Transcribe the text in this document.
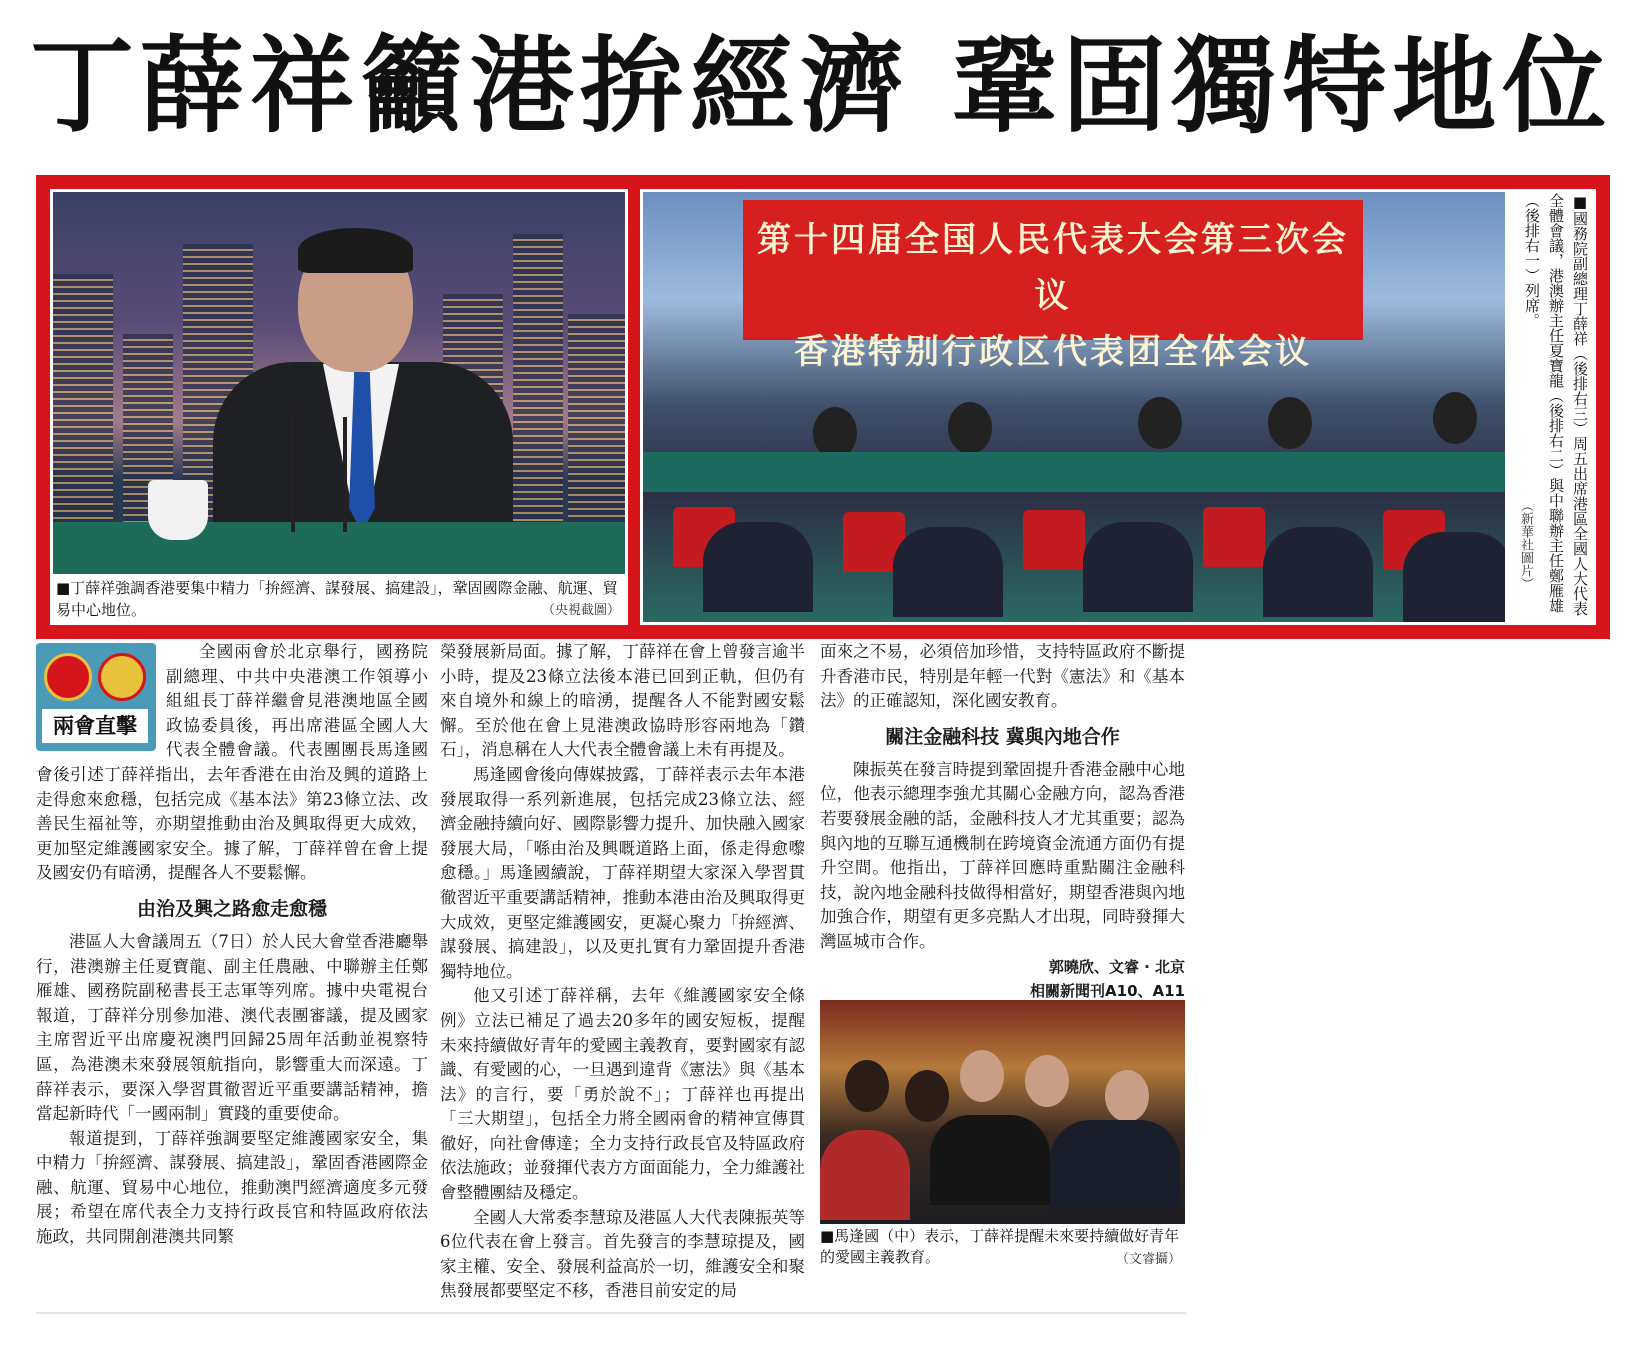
丁薛祥籲港拚經濟 鞏固獨特地位
■丁薛祥強調香港要集中精力「拚經濟、謀發展、搞建設」，鞏固國際金融、航運、貿易中心地位。	（央視截圖）
第十四届全国人民代表大会第三次会议
香港特别行政区代表团全体会议	■國務院副總理丁薛祥（後排右三）周五出席港區全國人大代表全體會議，港澳辦主任夏寶龍（後排右二）與中聯辦主任鄭雁雄（後排右一）列席。
（新華社圖片）
兩會直擊

全國兩會於北京舉行，國務院副總理、中共中央港澳工作領導小組組長丁薛祥繼會見港澳地區全國政協委員後，再出席港區全國人大代表全體會議。代表團團長馬逢國會後引述丁薛祥指出，去年香港在由治及興的道路上走得愈來愈穩，包括完成《基本法》第23條立法、改善民生福祉等，亦期望推動由治及興取得更大成效，更加堅定維護國家安全。據了解，丁薛祥曾在會上提及國安仍有暗湧，提醒各人不要鬆懈。

由治及興之路愈走愈穩

港區人大會議周五（7日）於人民大會堂香港廳舉行，港澳辦主任夏寶龍、副主任農融、中聯辦主任鄭雁雄、國務院副秘書長王志軍等列席。據中央電視台報道，丁薛祥分別參加港、澳代表團審議，提及國家主席習近平出席慶祝澳門回歸25周年活動並視察特區，為港澳未來發展領航指向，影響重大而深遠。丁薛祥表示，要深入學習貫徹習近平重要講話精神，擔當起新時代「一國兩制」實踐的重要使命。

報道提到，丁薛祥強調要堅定維護國家安全，集中精力「拚經濟、謀發展、搞建設」，鞏固香港國際金融、航運、貿易中心地位，推動澳門經濟適度多元發展；希望在席代表全力支持行政長官和特區政府依法施政，共同開創港澳共同繁

榮發展新局面。據了解，丁薛祥在會上曾發言逾半小時，提及23條立法後本港已回到正軌，但仍有來自境外和線上的暗湧，提醒各人不能對國安鬆懈。至於他在會上見港澳政協時形容兩地為「鑽石」，消息稱在人大代表全體會議上未有再提及。

馬逢國會後向傳媒披露，丁薛祥表示去年本港發展取得一系列新進展，包括完成23條立法、經濟金融持續向好、國際影響力提升、加快融入國家發展大局，「喺由治及興嘅道路上面，係走得愈嚟愈穩。」馬逢國續說，丁薛祥期望大家深入學習貫徹習近平重要講話精神，推動本港由治及興取得更大成效，更堅定維護國安，更凝心聚力「拚經濟、謀發展、搞建設」，以及更扎實有力鞏固提升香港獨特地位。

他又引述丁薛祥稱，去年《維護國家安全條例》立法已補足了過去20多年的國安短板，提醒未來持續做好青年的愛國主義教育，要對國家有認識、有愛國的心，一旦遇到違背《憲法》與《基本法》的言行，要「勇於說不」；丁薛祥也再提出「三大期望」，包括全力將全國兩會的精神宣傳貫徹好，向社會傳達；全力支持行政長官及特區政府依法施政；並發揮代表方方面面能力，全力維護社會整體團結及穩定。

全國人大常委李慧琼及港區人大代表陳振英等6位代表在會上發言。首先發言的李慧琼提及，國家主權、安全、發展利益高於一切，維護安全和聚焦發展都要堅定不移，香港目前安定的局

面來之不易，必須倍加珍惜，支持特區政府不斷提升香港市民，特別是年輕一代對《憲法》和《基本法》的正確認知，深化國安教育。

關注金融科技 冀與內地合作

陳振英在發言時提到鞏固提升香港金融中心地位，他表示總理李強尤其關心金融方向，認為香港若要發展金融的話，金融科技人才尤其重要；認為與內地的互聯互通機制在跨境資金流通方面仍有提升空間。他指出，丁薛祥回應時重點關注金融科技，說內地金融科技做得相當好，期望香港與內地加強合作，期望有更多亮點人才出現，同時發揮大灣區城市合作。

郭曉欣、文睿 · 北京
相關新聞刊A10、A11
■馬逢國（中）表示，丁薛祥提醒未來要持續做好青年的愛國主義教育。	（文睿攝）
